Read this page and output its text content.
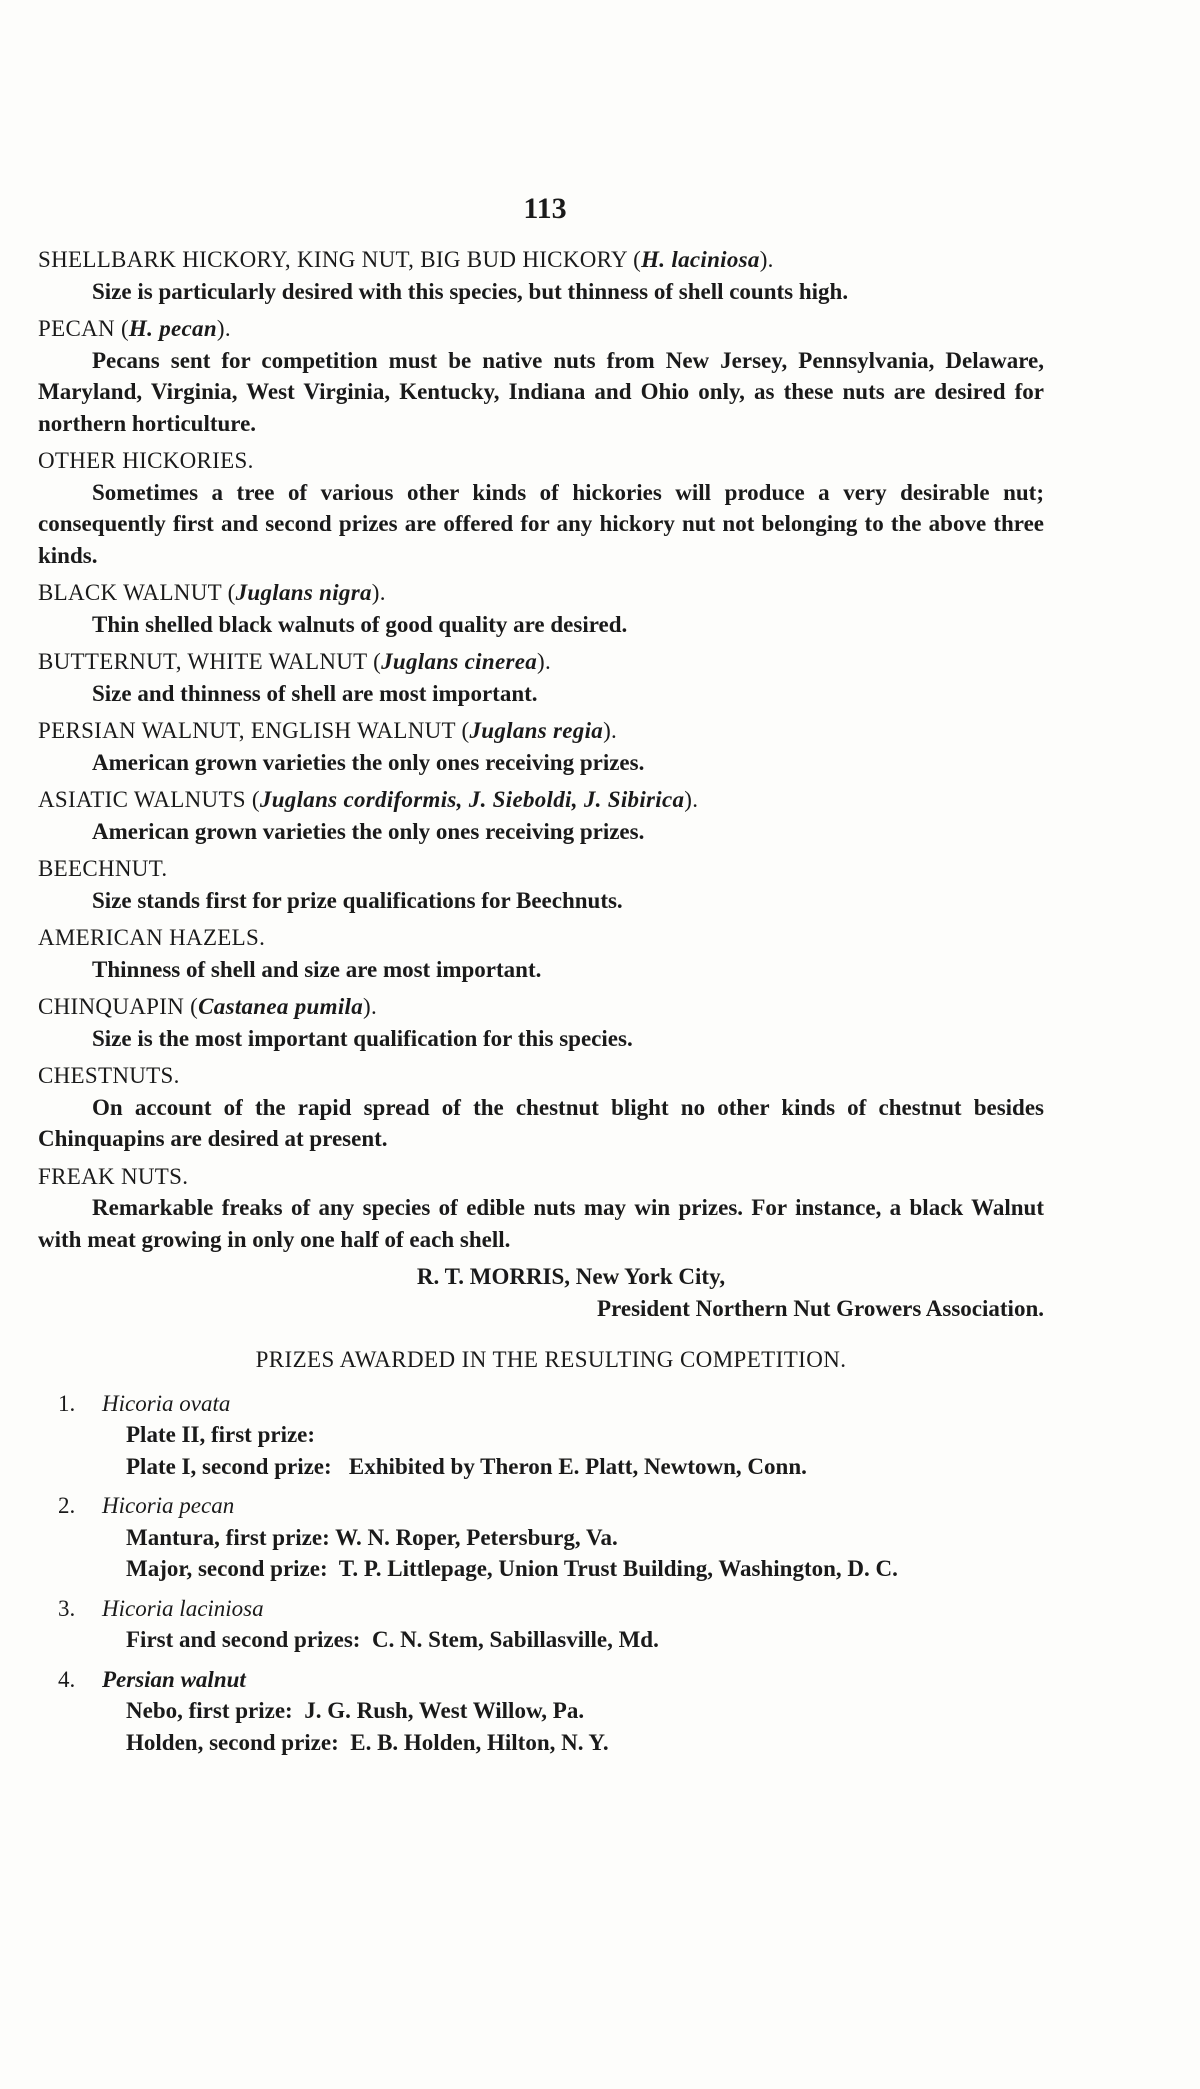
113
SHELLBARK HICKORY, KING NUT, BIG BUD HICKORY (H. laciniosa).
Size is particularly desired with this species, but thinness of shell counts high.
PECAN (H. pecan).
Pecans sent for competition must be native nuts from New Jersey, Pennsylvania, Delaware, Maryland, Virginia, West Virginia, Kentucky, Indiana and Ohio only, as these nuts are desired for northern horticulture.
OTHER HICKORIES.
Sometimes a tree of various other kinds of hickories will produce a very desirable nut; consequently first and second prizes are offered for any hickory nut not belonging to the above three kinds.
BLACK WALNUT (Juglans nigra).
Thin shelled black walnuts of good quality are desired.
BUTTERNUT, WHITE WALNUT (Juglans cinerea).
Size and thinness of shell are most important.
PERSIAN WALNUT, ENGLISH WALNUT (Juglans regia).
American grown varieties the only ones receiving prizes.
ASIATIC WALNUTS (Juglans cordiformis, J. Sieboldi, J. Sibirica).
American grown varieties the only ones receiving prizes.
BEECHNUT.
Size stands first for prize qualifications for Beechnuts.
AMERICAN HAZELS.
Thinness of shell and size are most important.
CHINQUAPIN (Castanea pumila).
Size is the most important qualification for this species.
CHESTNUTS.
On account of the rapid spread of the chestnut blight no other kinds of chestnut besides Chinquapins are desired at present.
FREAK NUTS.
Remarkable freaks of any species of edible nuts may win prizes. For instance, a black Walnut with meat growing in only one half of each shell.
R. T. MORRIS, New York City,
President Northern Nut Growers Association.
PRIZES AWARDED IN THE RESULTING COMPETITION.
1. Hicoria ovata
Plate II, first prize:
Plate I, second prize:   Exhibited by Theron E. Platt, Newtown, Conn.
2. Hicoria pecan
Mantura, first prize: W. N. Roper, Petersburg, Va.
Major, second prize:  T. P. Littlepage, Union Trust Building, Washington, D. C.
3. Hicoria laciniosa
First and second prizes:  C. N. Stem, Sabillasville, Md.
4. Persian walnut
Nebo, first prize:  J. G. Rush, West Willow, Pa.
Holden, second prize:  E. B. Holden, Hilton, N. Y.
